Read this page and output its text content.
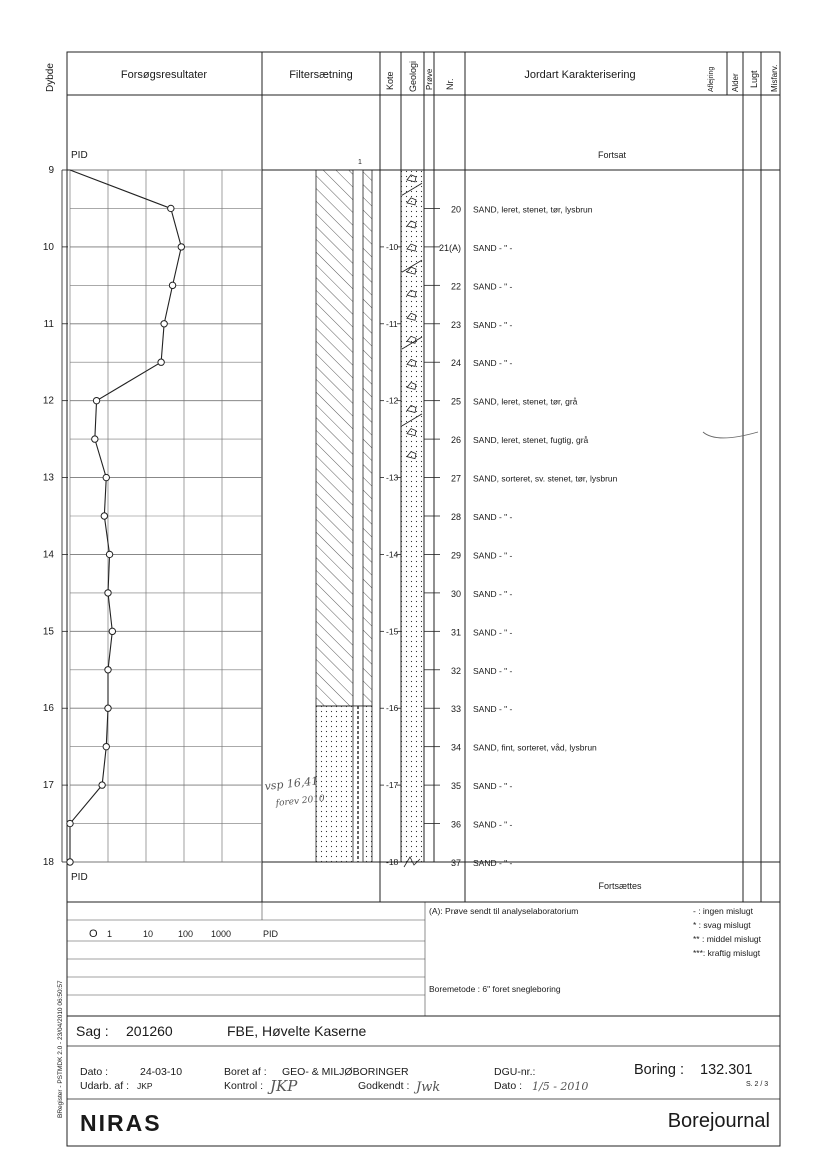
Dybde	Forsøgsresultater	Filtersætning	Kote Geologi Prøve Nr.
Jordart Karakterisering	Aflejring Alder Lugt Misfarv.
PID
PID
1
Fortsat
Fortsættes
9
10
11
12
13
14
15
16
17
18
vsp 16,41
forev 2010
-10
-11
-12
-13
-14
-15
-16
-17
-18
20 SAND, leret, stenet, tør, lysbrun
21(A) SAND - " -
22 SAND - " -
23 SAND - " -
24 SAND - " -
25 SAND, leret, stenet, tør, grå
26 SAND, leret, stenet, fugtig, grå
27 SAND, sorteret, sv. stenet, tør, lysbrun
28 SAND - " -
29 SAND - " -
30 SAND - " -
31 SAND - " -
32 SAND - " -
33 SAND - " -
34 SAND, fint, sorteret, våd, lysbrun
35 SAND - " -
36 SAND - " -
37 SAND - " -
O 1	10	100 1000	PID
(A): Prøve sendt til analyselaboratorium	- : ingen mislugt
* : svag mislugt
** : middel mislugt
***: kraftig mislugt
Boremetode : 6" foret snegleboring
BRegister - PSTMDK 2.0 - 23/04/2010 06:50:57 Sag : 201260	FBE, Høvelte Kaserne
Dato :	24-03-10
Udarb. af : JKP
Boret af : GEO- & MILJØBORINGER
Kontrol : JKP	Godkendt : Jwk
DGU-nr.:
Dato : 1/5 - 2010
Boring : 132.301
S. 2 / 3
NIRAS	Borejournal
